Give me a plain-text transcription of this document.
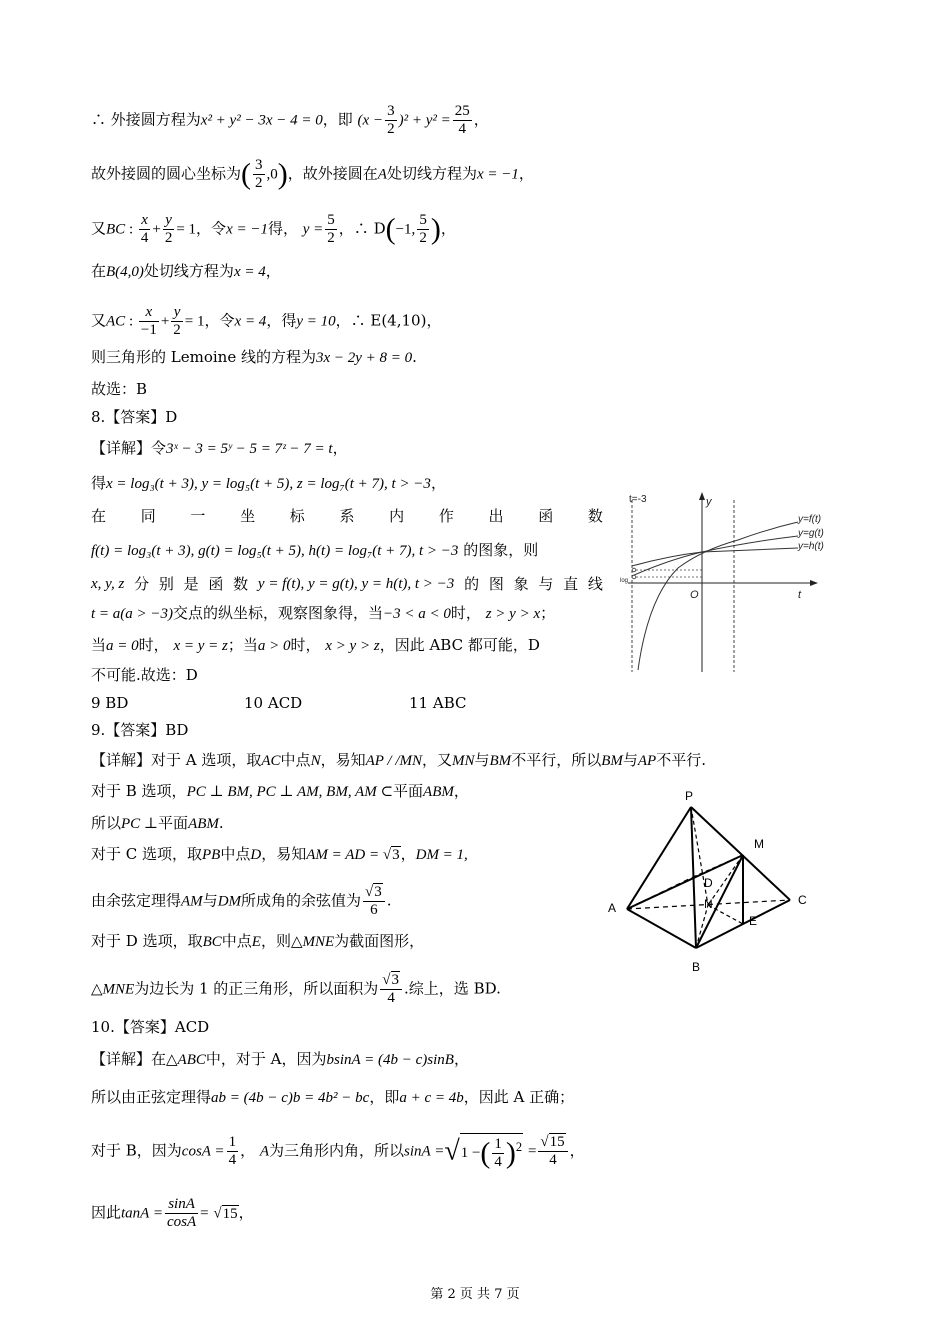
∴ 外接圆方程为x² + y² − 3x − 4 = 0，即 $(x - \frac{3}{2} )^2 + y^2 = \frac{25}{4}$ ，
故外接圆的圆心坐标为( $\frac{3}{2} ,0$)，故外接圆在A处切线方程为x = −1，
又BC : $\frac{x}{4} + \frac{y}{2} = 1$，令x = −1得， $y = \frac{5}{2}$ ，∴ D(−1, $\frac{5}{2}$ )，
在B(4,0)处切线方程为x = 4，
又AC : $\frac{x}{-1} + \frac{y}{2} = 1$，令x = 4，得y = 10，∴ E(4,10)，
则三角形的 Lemoine 线的方程为3x − 2y + 8 = 0.
故选：B
8.【答案】D
【详解】令3ˣ − 3 = 5ʸ − 5 = 7ᶻ − 7 = t，
得x = log₃(t + 3), y = log₅(t + 5), z = log₇(t + 7), t > −3，
在 同 一 坐 标 系 内 作 出 函 数
f(t) = log₃(t + 3), g(t) = log₅(t + 5), h(t) = log₇(t + 7), t > −3 的图象，则
x, y, z 分 别 是 函 数 y = f(t), y = g(t), y = h(t), t > −3 的 图 象 与 直 线
t = a(a > −3)交点的纵坐标，观察图象得，当−3 < a < 0时， z > y > x；
当a = 0时， x = y = z；当a > 0时， x > y > z，因此 ABC 都可能，D
不可能.故选：D
9 BD	10 ACD	11 ABC
9.【答案】BD
【详解】对于 A 选项，取AC中点N，易知AP / /MN，又MN与BM不平行，所以BM与AP不平行.
对于 B 选项，PC ⊥ BM, PC ⊥ AM, BM, AM ⊂平面ABM，
所以PC ⊥平面ABM.
对于 C 选项，取PB中点D，易知AM = AD = √3，DM = 1,
由余弦定理得AM与DM所成角的余弦值为 $\frac{√3}{6}$ .
对于 D 选项，取BC中点E，则△MNE为截面图形，
△MNE为边长为 1 的正三角形，所以面积为 $\frac{√3}{4}$ .综上，选 BD.
10.【答案】ACD
【详解】在△ABC中，对于 A，因为bsinA = (4b − c)sinB，
所以由正弦定理得ab = (4b − c)b = 4b² − bc，即a + c = 4b，因此 A 正确；
对于 B，因为$\cos A = \frac{1}{4}$ ， A为三角形内角，所以sinA =√1 −( $\frac{1}{4} )^2 = \frac{√15}{4}$ ，
因此$\tan A = \frac{\sin A}{\cos A} = √15$，
t=-3	y
O	t
y=f(t)
y=g(t)
y=h(t)
log
P
M
D
N
A
C
E
B
第 2 页 共 7 页
